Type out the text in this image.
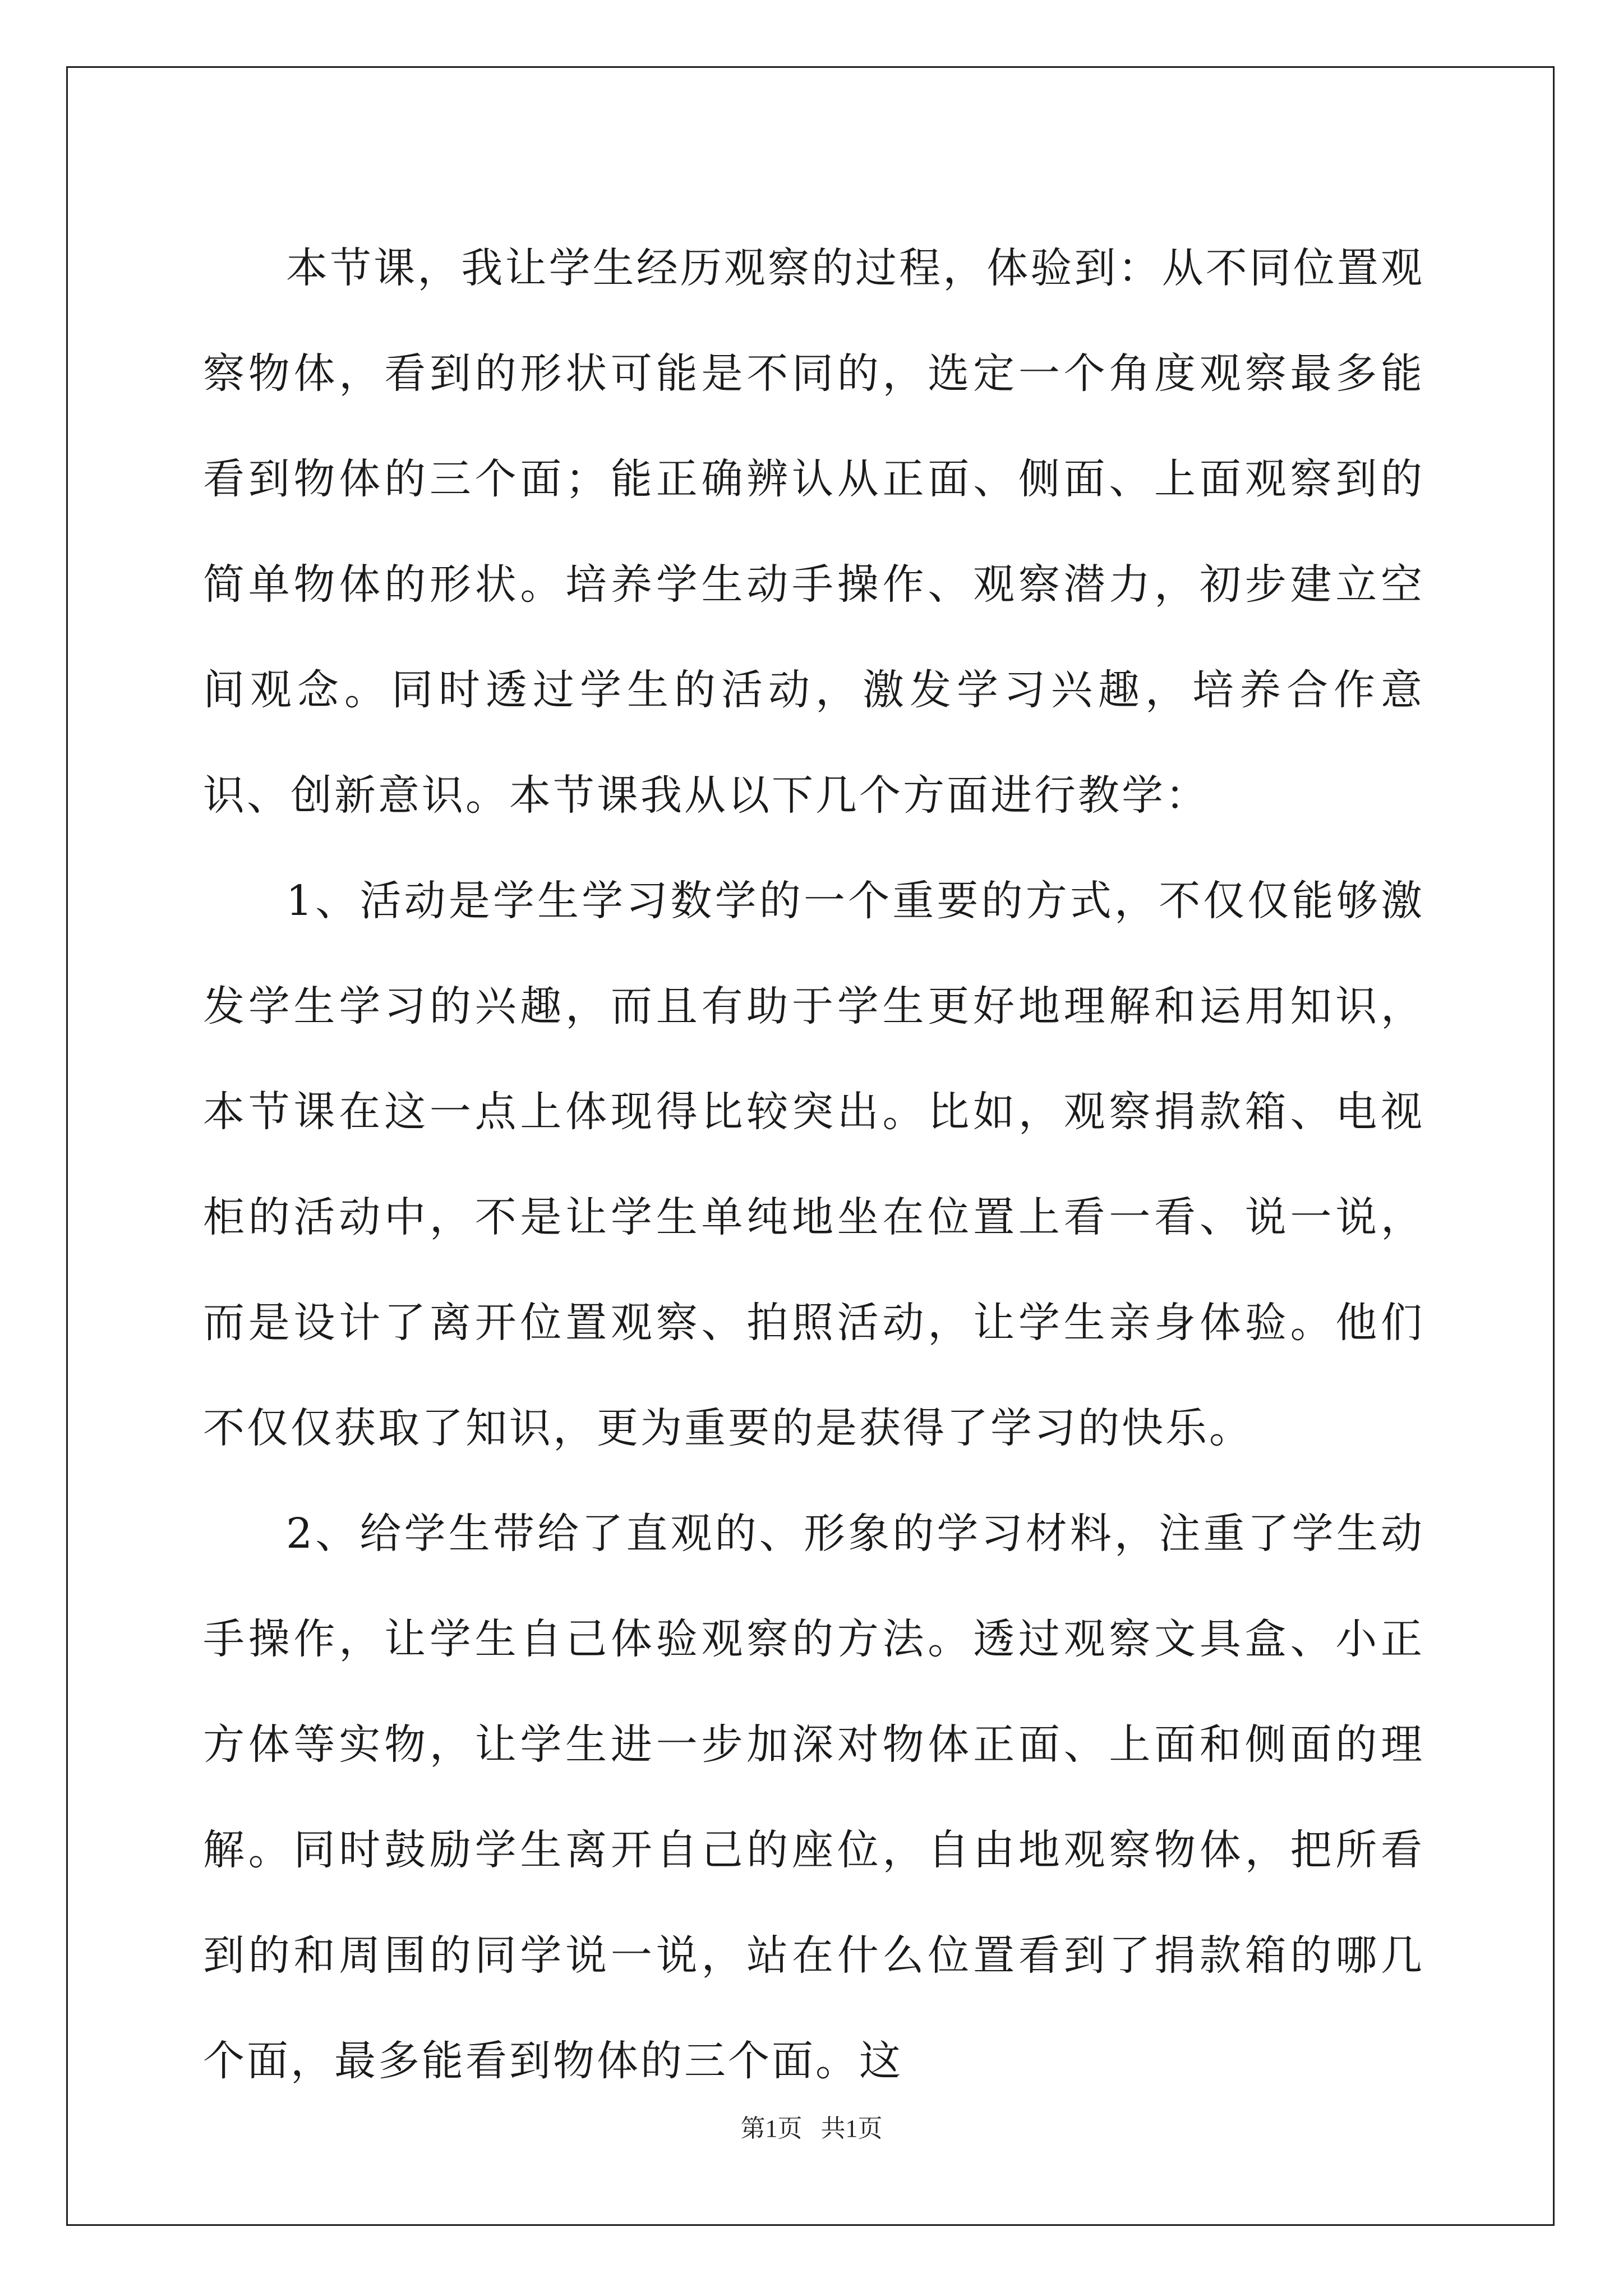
本节课，我让学生经历观察的过程，体验到：从不同位置观察物体，看到的形状可能是不同的，选定一个角度观察最多能看到物体的三个面；能正确辨认从正面、侧面、上面观察到的简单物体的形状。培养学生动手操作、观察潜力，初步建立空间观念。同时透过学生的活动，激发学习兴趣，培养合作意识、创新意识。本节课我从以下几个方面进行教学：

1、活动是学生学习数学的一个重要的方式，不仅仅能够激发学生学习的兴趣，而且有助于学生更好地理解和运用知识，本节课在这一点上体现得比较突出。比如，观察捐款箱、电视柜的活动中，不是让学生单纯地坐在位置上看一看、说一说，而是设计了离开位置观察、拍照活动，让学生亲身体验。他们不仅仅获取了知识，更为重要的是获得了学习的快乐。

2、给学生带给了直观的、形象的学习材料，注重了学生动手操作，让学生自己体验观察的方法。透过观察文具盒、小正方体等实物，让学生进一步加深对物体正面、上面和侧面的理解。同时鼓励学生离开自己的座位，自由地观察物体，把所看到的和周围的同学说一说，站在什么位置看到了捐款箱的哪几个面，最多能看到物体的三个面。这

第1页   共1页
